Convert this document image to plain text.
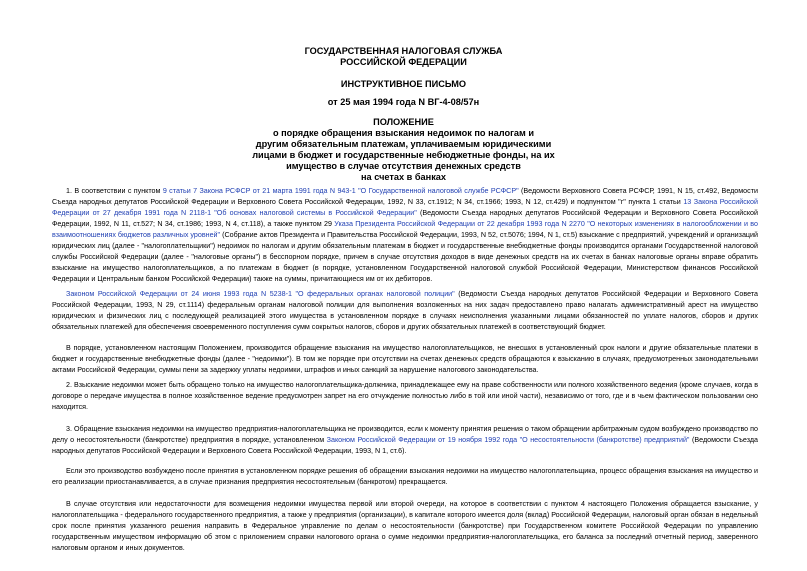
ГОСУДАРСТВЕННАЯ НАЛОГОВАЯ СЛУЖБА
РОССИЙСКОЙ ФЕДЕРАЦИИ
ИНСТРУКТИВНОЕ ПИСЬМО
от 25 мая 1994 года N ВГ-4-08/57н
ПОЛОЖЕНИЕ
о порядке обращения взыскания недоимок по налогам и
другим обязательным платежам, уплачиваемым юридическими
лицами в бюджет и государственные небюджетные фонды, на их
имущество в случае отсутствия денежных средств
на счетах в банках

1. В соответствии с пунктом 9 статьи 7 Закона РСФСР от 21 марта 1991 года N 943-1 "О Государственной налоговой службе РСФСР" (Ведомости Верховного Совета РСФСР, 1991, N 15, ст.492, Ведомости Съезда народных депутатов Российской Федерации и Верховного Совета Российской Федерации, 1992, N 33, ст.1912; N 34, ст.1966; 1993, N 12, ст.429) и подпунктом "г" пункта 1 статьи 13 Закона Российской Федерации от 27 декабря 1991 года N 2118-1 "Об основах налоговой системы в Российской Федерации" (Ведомости Съезда народных депутатов Российской Федерации и Верховного Совета Российской Федерации, 1992, N 11, ст.527; N 34, ст.1986; 1993, N 4, ст.118), а также пунктом 29 Указа Президента Российской Федерации от 22 декабря 1993 года N 2270 "О некоторых изменениях в налогообложении и во взаимоотношениях бюджетов различных уровней" (Собрание актов Президента и Правительства Российской Федерации, 1993, N 52, ст.5076; 1994, N 1, ст.5) взыскание с предприятий, учреждений и организаций юридических лиц (далее - "налогоплательщики") недоимок по налогам и другим обязательным платежам в бюджет и государственные внебюджетные фонды производится органами Государственной налоговой службы Российской Федерации (далее - "налоговые органы") в бесспорном порядке, причем в случае отсутствия доходов в виде денежных средств на их счетах в банках налоговые органы вправе обратить взыскание на имущество налогоплательщиков, а по платежам в бюджет (в порядке, установленном Государственной налоговой службой Российской Федерации, Министерством финансов Российской Федерации и Центральным банком Российской Федерации) также на суммы, причитающиеся им от их дебиторов.

Законом Российской Федерации от 24 июня 1993 года N 5238-1 "О федеральных органах налоговой полиции" (Ведомости Съезда народных депутатов Российской Федерации и Верховного Совета Российской Федерации, 1993, N 29, ст.1114) федеральным органам налоговой полиции для выполнения возложенных на них задач предоставлено право налагать административный арест на имущество юридических и физических лиц с последующей реализацией этого имущества в установленном порядке в случаях неисполнения указанными лицами обязанностей по уплате налогов, сборов и других обязательных платежей для обеспечения своевременного поступления сумм сокрытых налогов, сборов и других обязательных платежей в соответствующий бюджет.

В порядке, установленном настоящим Положением, производится обращение взыскания на имущество налогоплательщиков, не внесших в установленный срок налоги и другие обязательные платежи в бюджет и государственные внебюджетные фонды (далее - "недоимки"). В том же порядке при отсутствии на счетах денежных средств обращаются к взысканию в случаях, предусмотренных законодательными актами Российской Федерации, суммы пени за задержку уплаты недоимки, штрафов и иных санкций за нарушение налогового законодательства.

2. Взыскание недоимки может быть обращено только на имущество налогоплательщика-должника, принадлежащее ему на праве собственности или полного хозяйственного ведения (кроме случаев, когда в договоре о передаче имущества в полное хозяйственное ведение предусмотрен запрет на его отчуждение полностью либо в той или иной части), независимо от того, где и в чьем фактическом пользовании оно находится.

3. Обращение взыскания недоимки на имущество предприятия-налогоплательщика не производится, если к моменту принятия решения о таком обращении арбитражным судом возбуждено производство по делу о несостоятельности (банкротстве) предприятия в порядке, установленном Законом Российской Федерации от 19 ноября 1992 года "О несостоятельности (банкротстве) предприятий" (Ведомости Съезда народных депутатов Российской Федерации и Верховного Совета Российской Федерации, 1993, N 1, ст.6).

Если это производство возбуждено после принятия в установленном порядке решения об обращении взыскания недоимки на имущество налогоплательщика, процесс обращения взыскания на имущество и его реализации приостанавливается, а в случае признания предприятия несостоятельным (банкротом) прекращается.

В случае отсутствия или недостаточности для возмещения недоимки имущества первой или второй очереди, на которое в соответствии с пунктом 4 настоящего Положения обращается взыскание, у налогоплательщика - федерального государственного предприятия, а также у предприятия (организации), в капитале которого имеется доля (вклад) Российской Федерации, налоговый орган обязан в недельный срок после принятия указанного решения направить в Федеральное управление по делам о несостоятельности (банкротстве) при Государственном комитете Российской Федерации по управлению государственным имуществом информацию об этом с приложением справки налогового органа о сумме недоимки предприятия-налогоплательщика, его баланса за последний отчетный период, заверенного налоговым органом и иных документов.
